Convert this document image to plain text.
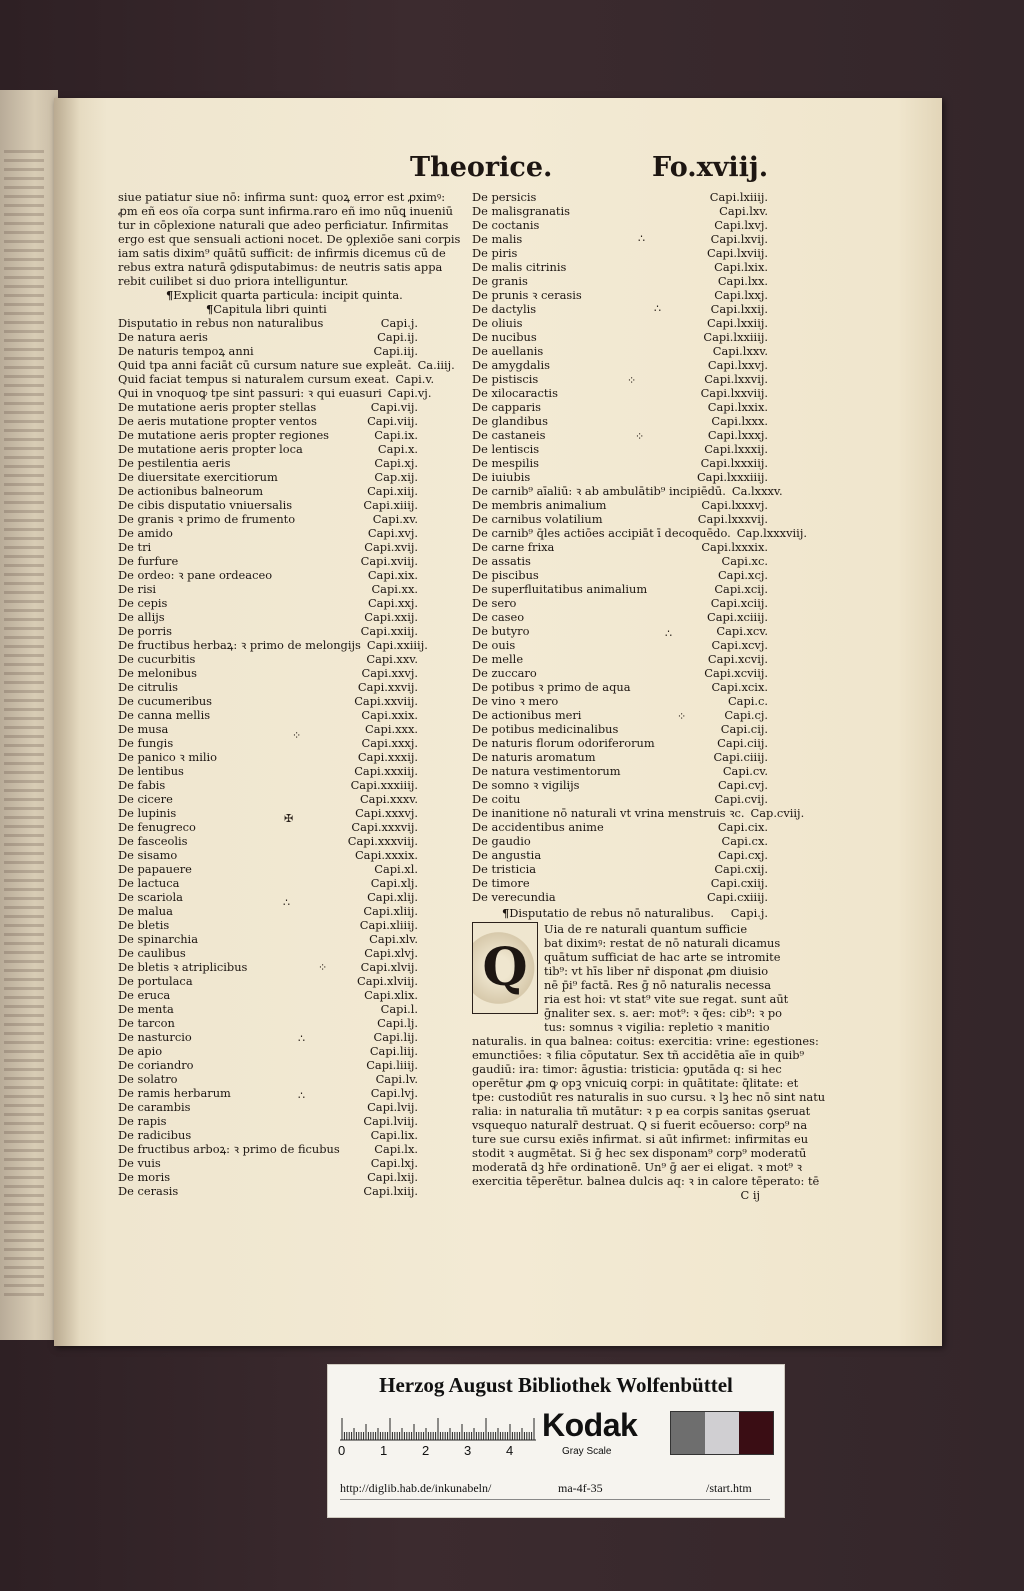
Theorice.	Fo.xviij.
siue patiatur siue nō: infirma sunt: quoꝝ error est ꝓximꝰ:
ꝓm eñ eos oĩa corpa sunt infirma.raro eñ imo nūꝗ inueniū
tur in cōplexione naturali que adeo perficiatur. Infirmitas
ergo est que sensuali actioni nocet. De ꝯplexiōe sani corpis
iam satis dixim⁹ quātū sufficit: de infirmis dicemus cū de
rebus extra naturā ꝯdisputabimus: de neutris satis appa
rebit cuilibet si duo priora intelliguntur.
¶Explicit quarta particula: incipit quinta.
¶Capitula libri quinti
Disputatio in rebus non naturalibus	Capi.j.
De natura aeris	Capi.ij.
De naturis tempoꝝ anni	Capi.iij.
Quid tpa anni faciāt cū cursum nature sue expleāt. Ca.iiij.
Quid faciat tempus si naturalem cursum exeat. Capi.v.
Qui in vnoquoꝙ tpe sint passuri: ꝛ qui euasuri Capi.vj.
De mutatione aeris propter stellas	Capi.vij.
De aeris mutatione propter ventos	Capi.viij.
De mutatione aeris propter regiones	Capi.ix.
De mutatione aeris propter loca	Capi.x.
De pestilentia aeris	Capi.xj.
De diuersitate exercitiorum	Cap.xij.
De actionibus balneorum	Capi.xiij.
De cibis disputatio vniuersalis	Capi.xiiij.
De granis ꝛ primo de frumento	Capi.xv.
De amido	Capi.xvj.
De tri	Capi.xvij.
De furfure	Capi.xviij.
De ordeo: ꝛ pane ordeaceo	Capi.xix.
De risi	Capi.xx.
De cepis	Capi.xxj.
De allijs	Capi.xxij.
De porris	Capi.xxiij.
De fructibus herbaꝝ: ꝛ primo de melongijs Capi.xxiiij.
De cucurbitis	Capi.xxv.
De melonibus	Capi.xxvj.
De citrulis	Capi.xxvij.
De cucumeribus	Capi.xxviij.
De canna mellis	Capi.xxix.
De musa	Capi.xxx.
De fungis	Capi.xxxj.
De panico ꝛ milio	Capi.xxxij.
De lentibus	Capi.xxxiij.
De fabis	Capi.xxxiiij.
De cicere	Capi.xxxv.
De lupinis	Capi.xxxvj.
De fenugreco	Capi.xxxvij.
De fasceolis	Capi.xxxviij.
De sisamo	Capi.xxxix.
De papauere	Capi.xl.
De lactuca	Capi.xlj.
De scariola	Capi.xlij.
De malua	Capi.xliij.
De bletis	Capi.xliiij.
De spinarchia	Capi.xlv.
De caulibus	Capi.xlvj.
De bletis ꝛ atriplicibus	Capi.xlvij.
De portulaca	Capi.xlviij.
De eruca	Capi.xlix.
De menta	Capi.l.
De tarcon	Capi.lj.
De nasturcio	Capi.lij.
De apio	Capi.liij.
De coriandro	Capi.liiij.
De solatro	Capi.lv.
De ramis herbarum	Capi.lvj.
De carambis	Capi.lvij.
De rapis	Capi.lviij.
De radicibus	Capi.lix.
De fructibus arboꝝ: ꝛ primo de ficubus	Capi.lx.
De vuis	Capi.lxj.
De moris	Capi.lxij.
De cerasis	Capi.lxiij.
De persicis	Capi.lxiiij.
De malisgranatis	Capi.lxv.
De coctanis	Capi.lxvj.
De malis	Capi.lxvij.
De piris	Capi.lxviij.
De malis citrinis	Capi.lxix.
De granis	Capi.lxx.
De prunis ꝛ cerasis	Capi.lxxj.
De dactylis	Capi.lxxij.
De oliuis	Capi.lxxiij.
De nucibus	Capi.lxxiiij.
De auellanis	Capi.lxxv.
De amygdalis	Capi.lxxvj.
De pistiscis	Capi.lxxvij.
De xilocaractis	Capi.lxxviij.
De capparis	Capi.lxxix.
De glandibus	Capi.lxxx.
De castaneis	Capi.lxxxj.
De lentiscis	Capi.lxxxij.
De mespilis	Capi.lxxxiij.
De iuiubis	Capi.lxxxiiij.
De carnib⁹ aīaliū: ꝛ ab ambulātib⁹ incipiēdū. Ca.lxxxv.
De membris animalium	Capi.lxxxvj.
De carnibus volatilium	Capi.lxxxvij.
De carnib⁹ q̄les actiōes accipiāt ī decoquēdo. Cap.lxxxviij.
De carne frixa	Capi.lxxxix.
De assatis	Capi.xc.
De piscibus	Capi.xcj.
De superfluitatibus animalium	Capi.xcij.
De sero	Capi.xciij.
De caseo	Capi.xciiij.
De butyro	Capi.xcv.
De ouis	Capi.xcvj.
De melle	Capi.xcvij.
De zuccaro	Capi.xcviij.
De potibus ꝛ primo de aqua	Capi.xcix.
De vino ꝛ mero	Capi.c.
De actionibus meri	Capi.cj.
De potibus medicinalibus	Capi.cij.
De naturis florum odoriferorum	Capi.ciij.
De naturis aromatum	Capi.ciiij.
De natura vestimentorum	Capi.cv.
De somno ꝛ vigilijs	Capi.cvj.
De coitu	Capi.cvij.
De inanitione nō naturali vt vrina menstruis ꝛc. Cap.cviij.
De accidentibus anime	Capi.cix.
De gaudio	Capi.cx.
De angustia	Capi.cxj.
De tristicia	Capi.cxij.
De timore	Capi.cxiij.
De verecundia	Capi.cxiiij.
¶Disputatio de rebus nō naturalibus. Capi.j.
Q
Uia de re naturali quantum sufficie
bat diximꝰ: restat de nō naturali dicamus
quātum sufficiat de hac arte se intromite
tib⁹: vt hīs liber nr̄ disponat ꝓm diuisio
nē p̄i⁹ factā. Res ḡ nō naturalis necessa
ria est hoi: vt stat⁹ vite sue regat. sunt aūt
ḡnaliter sex. s. aer: mot⁹: ꝛ q̄es: cib⁹: ꝛ po
tus: somnus ꝛ vigilia: repletio ꝛ manitio
naturalis. in qua balnea: coitus: exercitia: vrine: egestiones:
emunctiōes: ꝛ filia cōputatur. Sex tñ accidētia aīe in quib⁹
gaudiū: ira: timor: āgustia: tristicia: ꝯputāda q: si hec
operētur ꝓm ꝙ opꝫ vnicuiꝗ corpi: in quātitate: q̄litate: et
tpe: custodiūt res naturalis in suo cursu. ꝛ lꝫ hec nō sint natu
ralia: in naturalia tñ mutātur: ꝛ p ea corpis sanitas ꝯseruat
vsquequo naturalr̄ destruat. Q si fuerit ecōuerso: corp⁹ na
ture sue cursu exiēs infirmat. si aūt infirmet: infirmitas eu
stodit ꝛ augmētat. Si ḡ hec sex disponam⁹ corp⁹ moderatū
moderatā dꝫ hr̄e ordinationē. Un⁹ ḡ aer ei eligat. ꝛ mot⁹ ꝛ
exercitia tēperētur. balnea dulcis aq: ꝛ in calore tēperato: tē
C ij
⁘
✠
∴
⁘
∴
∴
∴
∴
⁘
⁘
∴
⁘
Herzog August Bibliothek Wolfenbüttel
0	1	2	3	4
Kodak
Gray Scale
http://diglib.hab.de/inkunabeln/	ma-4f-35	/start.htm
